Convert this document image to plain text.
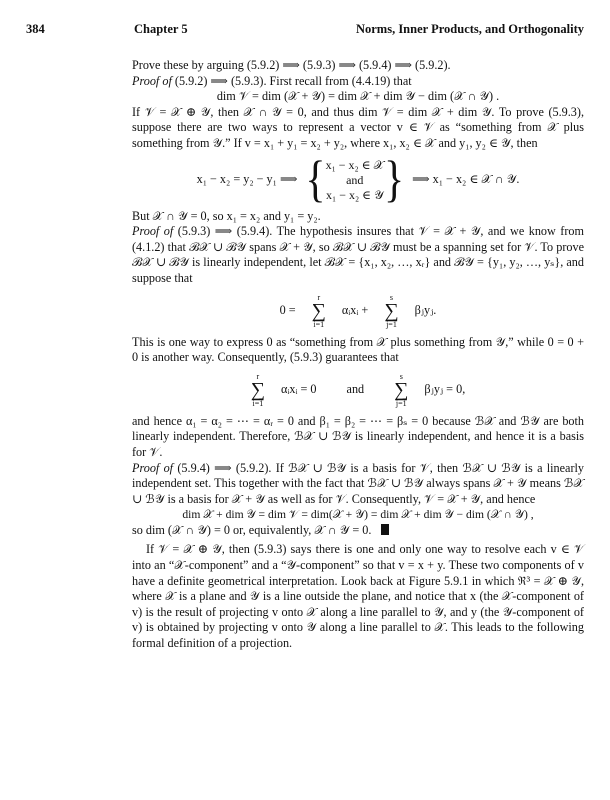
384	Chapter 5	Norms, Inner Products, and Orthogonality

Prove these by arguing (5.9.2) ⟹ (5.9.3) ⟹ (5.9.4) ⟹ (5.9.2).

Proof of (5.9.2) ⟹ (5.9.3). First recall from (4.4.19) that

dim 𝒱 = dim (𝒳 + 𝒴) = dim 𝒳 + dim 𝒴 − dim (𝒳 ∩ 𝒴) .

If 𝒱 = 𝒳 ⊕ 𝒴, then 𝒳 ∩ 𝒴 = 0, and thus dim 𝒱 = dim 𝒳 + dim 𝒴. To prove (5.9.3), suppose there are two ways to represent a vector v ∈ 𝒱 as “something from 𝒳 plus something from 𝒴.” If v = x₁ + y₁ = x₂ + y₂, where x₁, x₂ ∈ 𝒳 and y₁, y₂ ∈ 𝒴, then

x₁ − x₂ = y₂ − y₁ ⟹ { x₁ − x₂ ∈ 𝒳
and
x₁ − x₂ ∈ 𝒴 } ⟹ x₁ − x₂ ∈ 𝒳 ∩ 𝒴.

But 𝒳 ∩ 𝒴 = 0, so x₁ = x₂ and y₁ = y₂.

Proof of (5.9.3) ⟹ (5.9.4). The hypothesis insures that 𝒱 = 𝒳 + 𝒴, and we know from (4.1.2) that ℬ𝒳 ∪ ℬ𝒴 spans 𝒳 + 𝒴, so ℬ𝒳 ∪ ℬ𝒴 must be a spanning set for 𝒱. To prove ℬ𝒳 ∪ ℬ𝒴 is linearly independent, let ℬ𝒳 = {x₁, x₂, …, xᵣ} and ℬ𝒴 = {y₁, y₂, …, yₛ}, and suppose that

0 =
r
∑
i=1
αᵢxᵢ +
s
∑
j=1
βⱼyⱼ.

This is one way to express 0 as “something from 𝒳 plus something from 𝒴,” while 0 = 0 + 0 is another way. Consequently, (5.9.3) guarantees that

r
∑
i=1
αᵢxᵢ = 0 and
s
∑
j=1
βⱼyⱼ = 0,

and hence α₁ = α₂ = ⋯ = αᵣ = 0 and β₁ = β₂ = ⋯ = βₛ = 0 because ℬ𝒳 and ℬ𝒴 are both linearly independent. Therefore, ℬ𝒳 ∪ ℬ𝒴 is linearly independent, and hence it is a basis for 𝒱.

Proof of (5.9.4) ⟹ (5.9.2). If ℬ𝒳 ∪ ℬ𝒴 is a basis for 𝒱, then ℬ𝒳 ∪ ℬ𝒴 is a linearly independent set. This together with the fact that ℬ𝒳 ∪ ℬ𝒴 always spans 𝒳 + 𝒴 means ℬ𝒳 ∪ ℬ𝒴 is a basis for 𝒳 + 𝒴 as well as for 𝒱. Consequently, 𝒱 = 𝒳 + 𝒴, and hence

dim 𝒳 + dim 𝒴 = dim 𝒱 = dim(𝒳 + 𝒴) = dim 𝒳 + dim 𝒴 − dim (𝒳 ∩ 𝒴) ,

so dim (𝒳 ∩ 𝒴) = 0 or, equivalently, 𝒳 ∩ 𝒴 = 0.

If 𝒱 = 𝒳 ⊕ 𝒴, then (5.9.3) says there is one and only one way to resolve each v ∈ 𝒱 into an “𝒳-component” and a “𝒴-component” so that v = x + y. These two components of v have a definite geometrical interpretation. Look back at Figure 5.9.1 in which ℜ³ = 𝒳 ⊕ 𝒴, where 𝒳 is a plane and 𝒴 is a line outside the plane, and notice that x (the 𝒳-component of v) is the result of projecting v onto 𝒳 along a line parallel to 𝒴, and y (the 𝒴-component of v) is obtained by projecting v onto 𝒴 along a line parallel to 𝒳. This leads to the following formal definition of a projection.
